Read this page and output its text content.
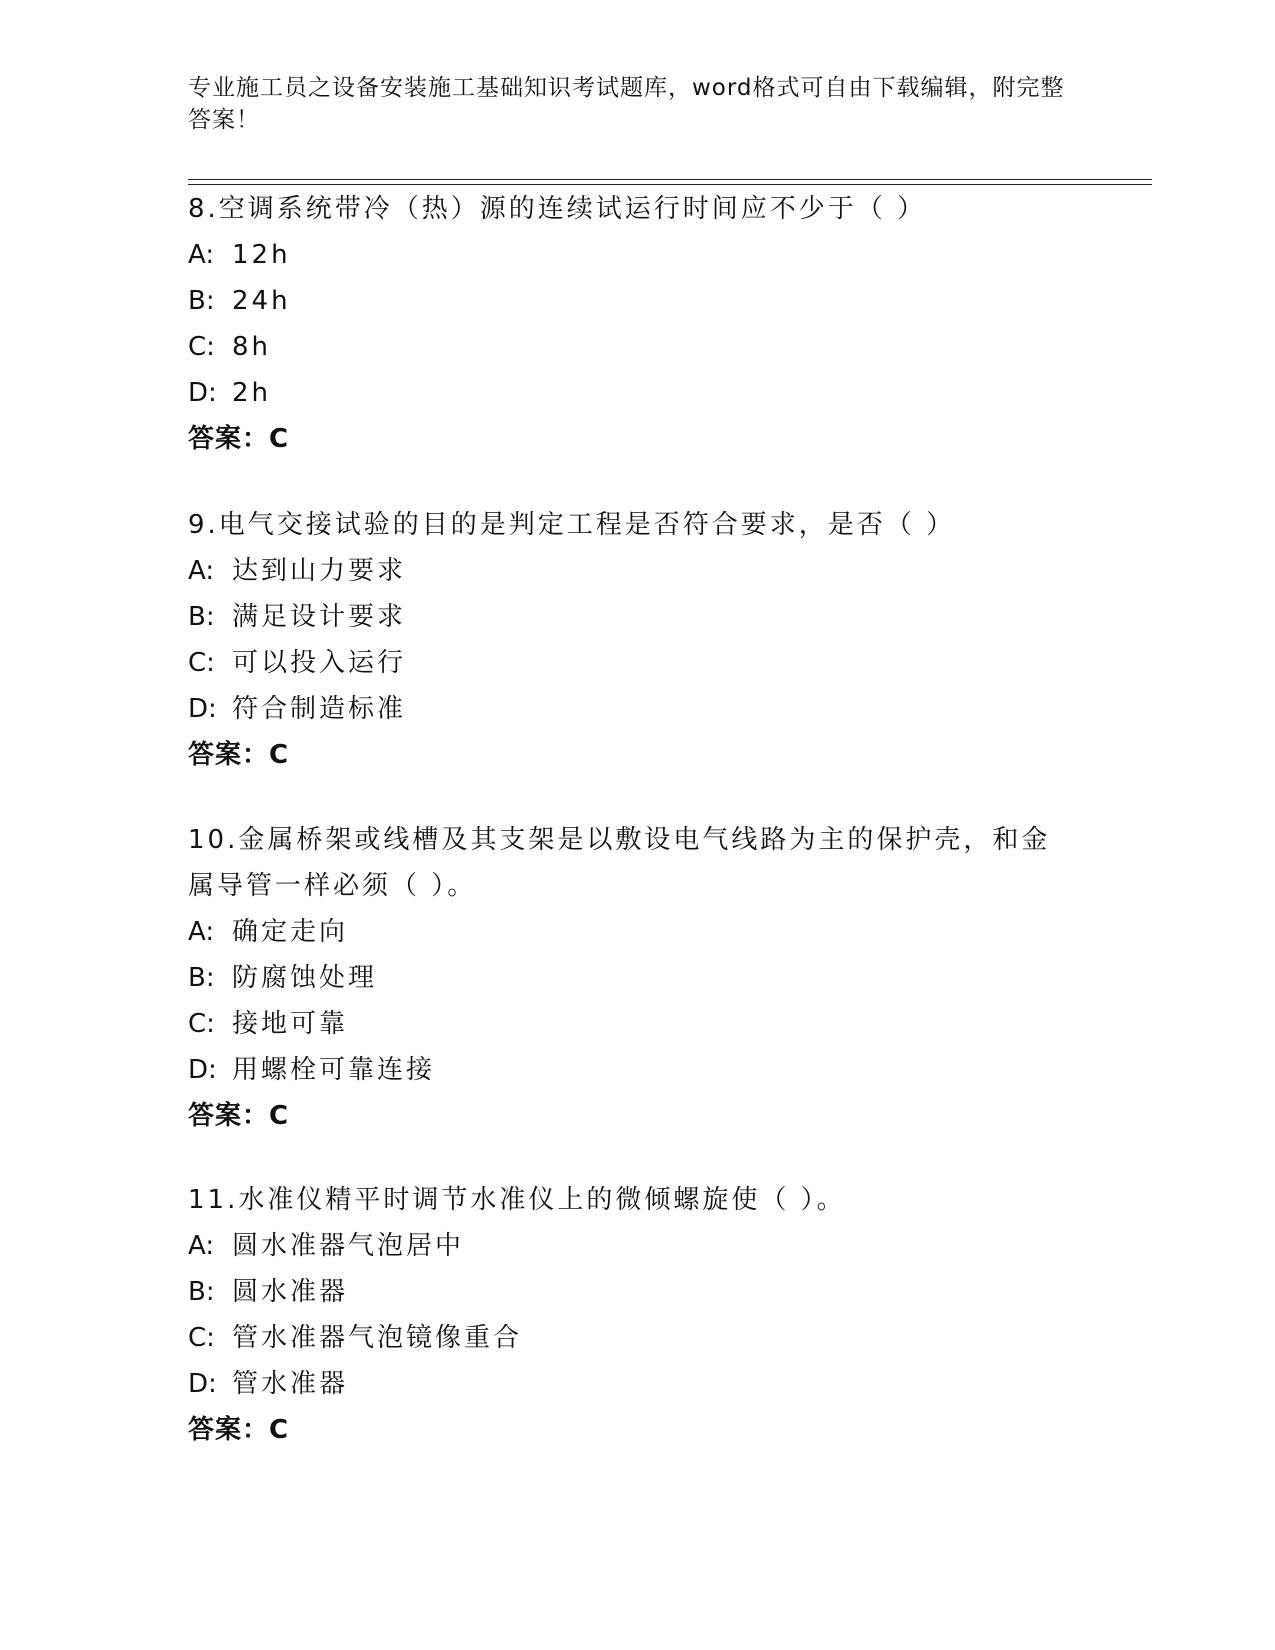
专业施工员之设备安装施工基础知识考试题库，word格式可自由下载编辑，附完整答案！

8.空调系统带冷（热）源的连续试运行时间应不少于（ ）

A: 12h

B: 24h

C: 8h

D: 2h

答案：C

9.电气交接试验的目的是判定工程是否符合要求，是否（ ）

A: 达到山力要求

B: 满足设计要求

C: 可以投入运行

D: 符合制造标准

答案：C

10.金属桥架或线槽及其支架是以敷设电气线路为主的保护壳，和金属导管一样必须（ ）。

A: 确定走向

B: 防腐蚀处理

C: 接地可靠

D: 用螺栓可靠连接

答案：C

11.水准仪精平时调节水准仪上的微倾螺旋使（ ）。

A: 圆水准器气泡居中

B: 圆水准器

C: 管水准器气泡镜像重合

D: 管水准器

答案：C
